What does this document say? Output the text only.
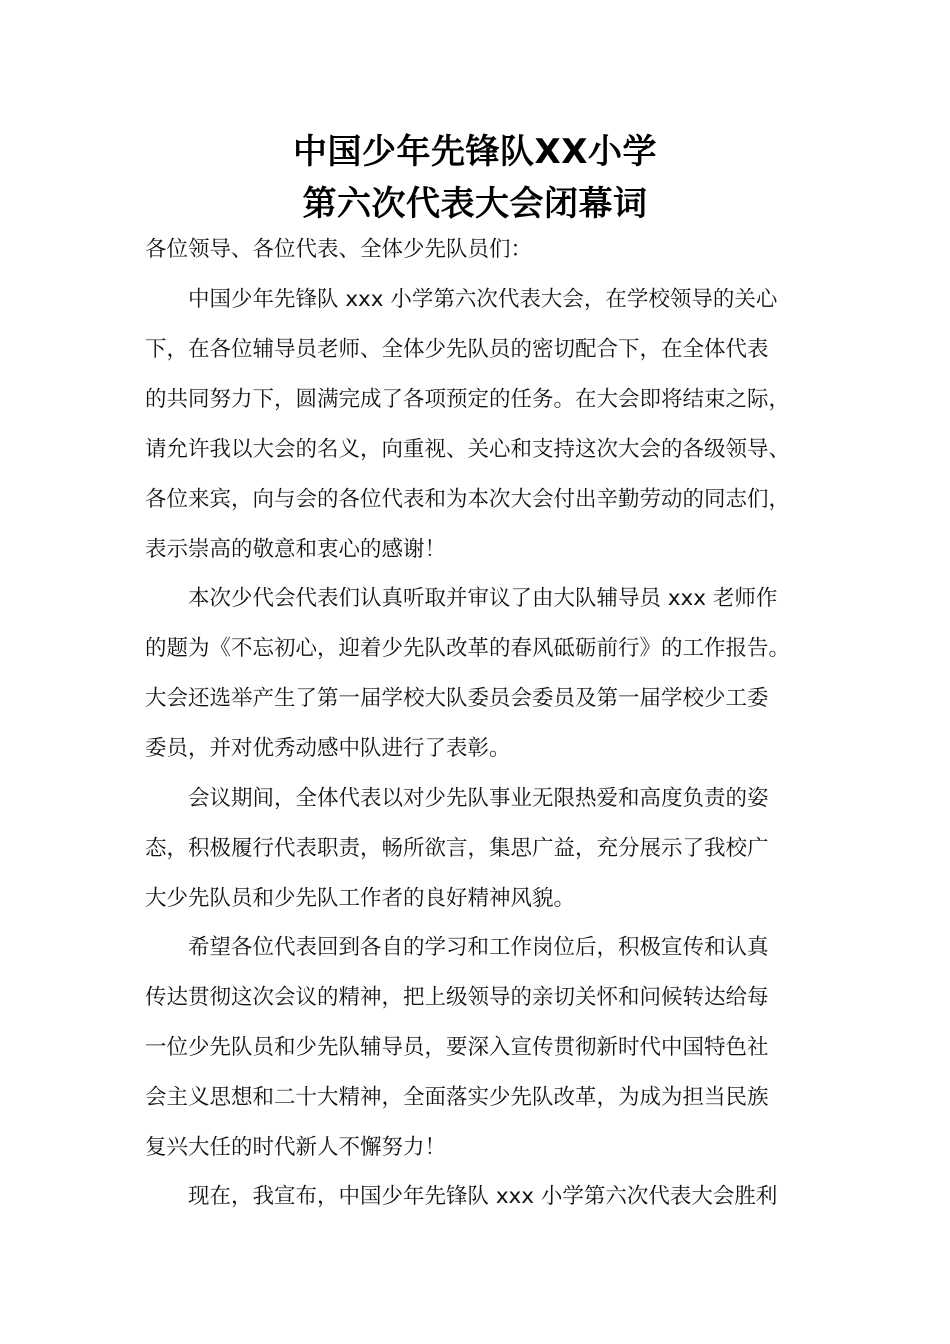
中国少年先锋队XX小学
第六次代表大会闭幕词
各位领导、各位代表、全体少先队员们：
中国少年先锋队 xxx 小学第六次代表大会，在学校领导的关心
下，在各位辅导员老师、全体少先队员的密切配合下，在全体代表
的共同努力下，圆满完成了各项预定的任务。在大会即将结束之际，
请允许我以大会的名义，向重视、关心和支持这次大会的各级领导、
各位来宾，向与会的各位代表和为本次大会付出辛勤劳动的同志们，
表示崇高的敬意和衷心的感谢！
本次少代会代表们认真听取并审议了由大队辅导员 xxx 老师作
的题为《不忘初心，迎着少先队改革的春风砥砺前行》的工作报告。
大会还选举产生了第一届学校大队委员会委员及第一届学校少工委
委员，并对优秀动感中队进行了表彰。
会议期间，全体代表以对少先队事业无限热爱和高度负责的姿
态，积极履行代表职责，畅所欲言，集思广益，充分展示了我校广
大少先队员和少先队工作者的良好精神风貌。
希望各位代表回到各自的学习和工作岗位后，积极宣传和认真
传达贯彻这次会议的精神，把上级领导的亲切关怀和问候转达给每
一位少先队员和少先队辅导员，要深入宣传贯彻新时代中国特色社
会主义思想和二十大精神，全面落实少先队改革，为成为担当民族
复兴大任的时代新人不懈努力！
现在，我宣布，中国少年先锋队 xxx 小学第六次代表大会胜利
